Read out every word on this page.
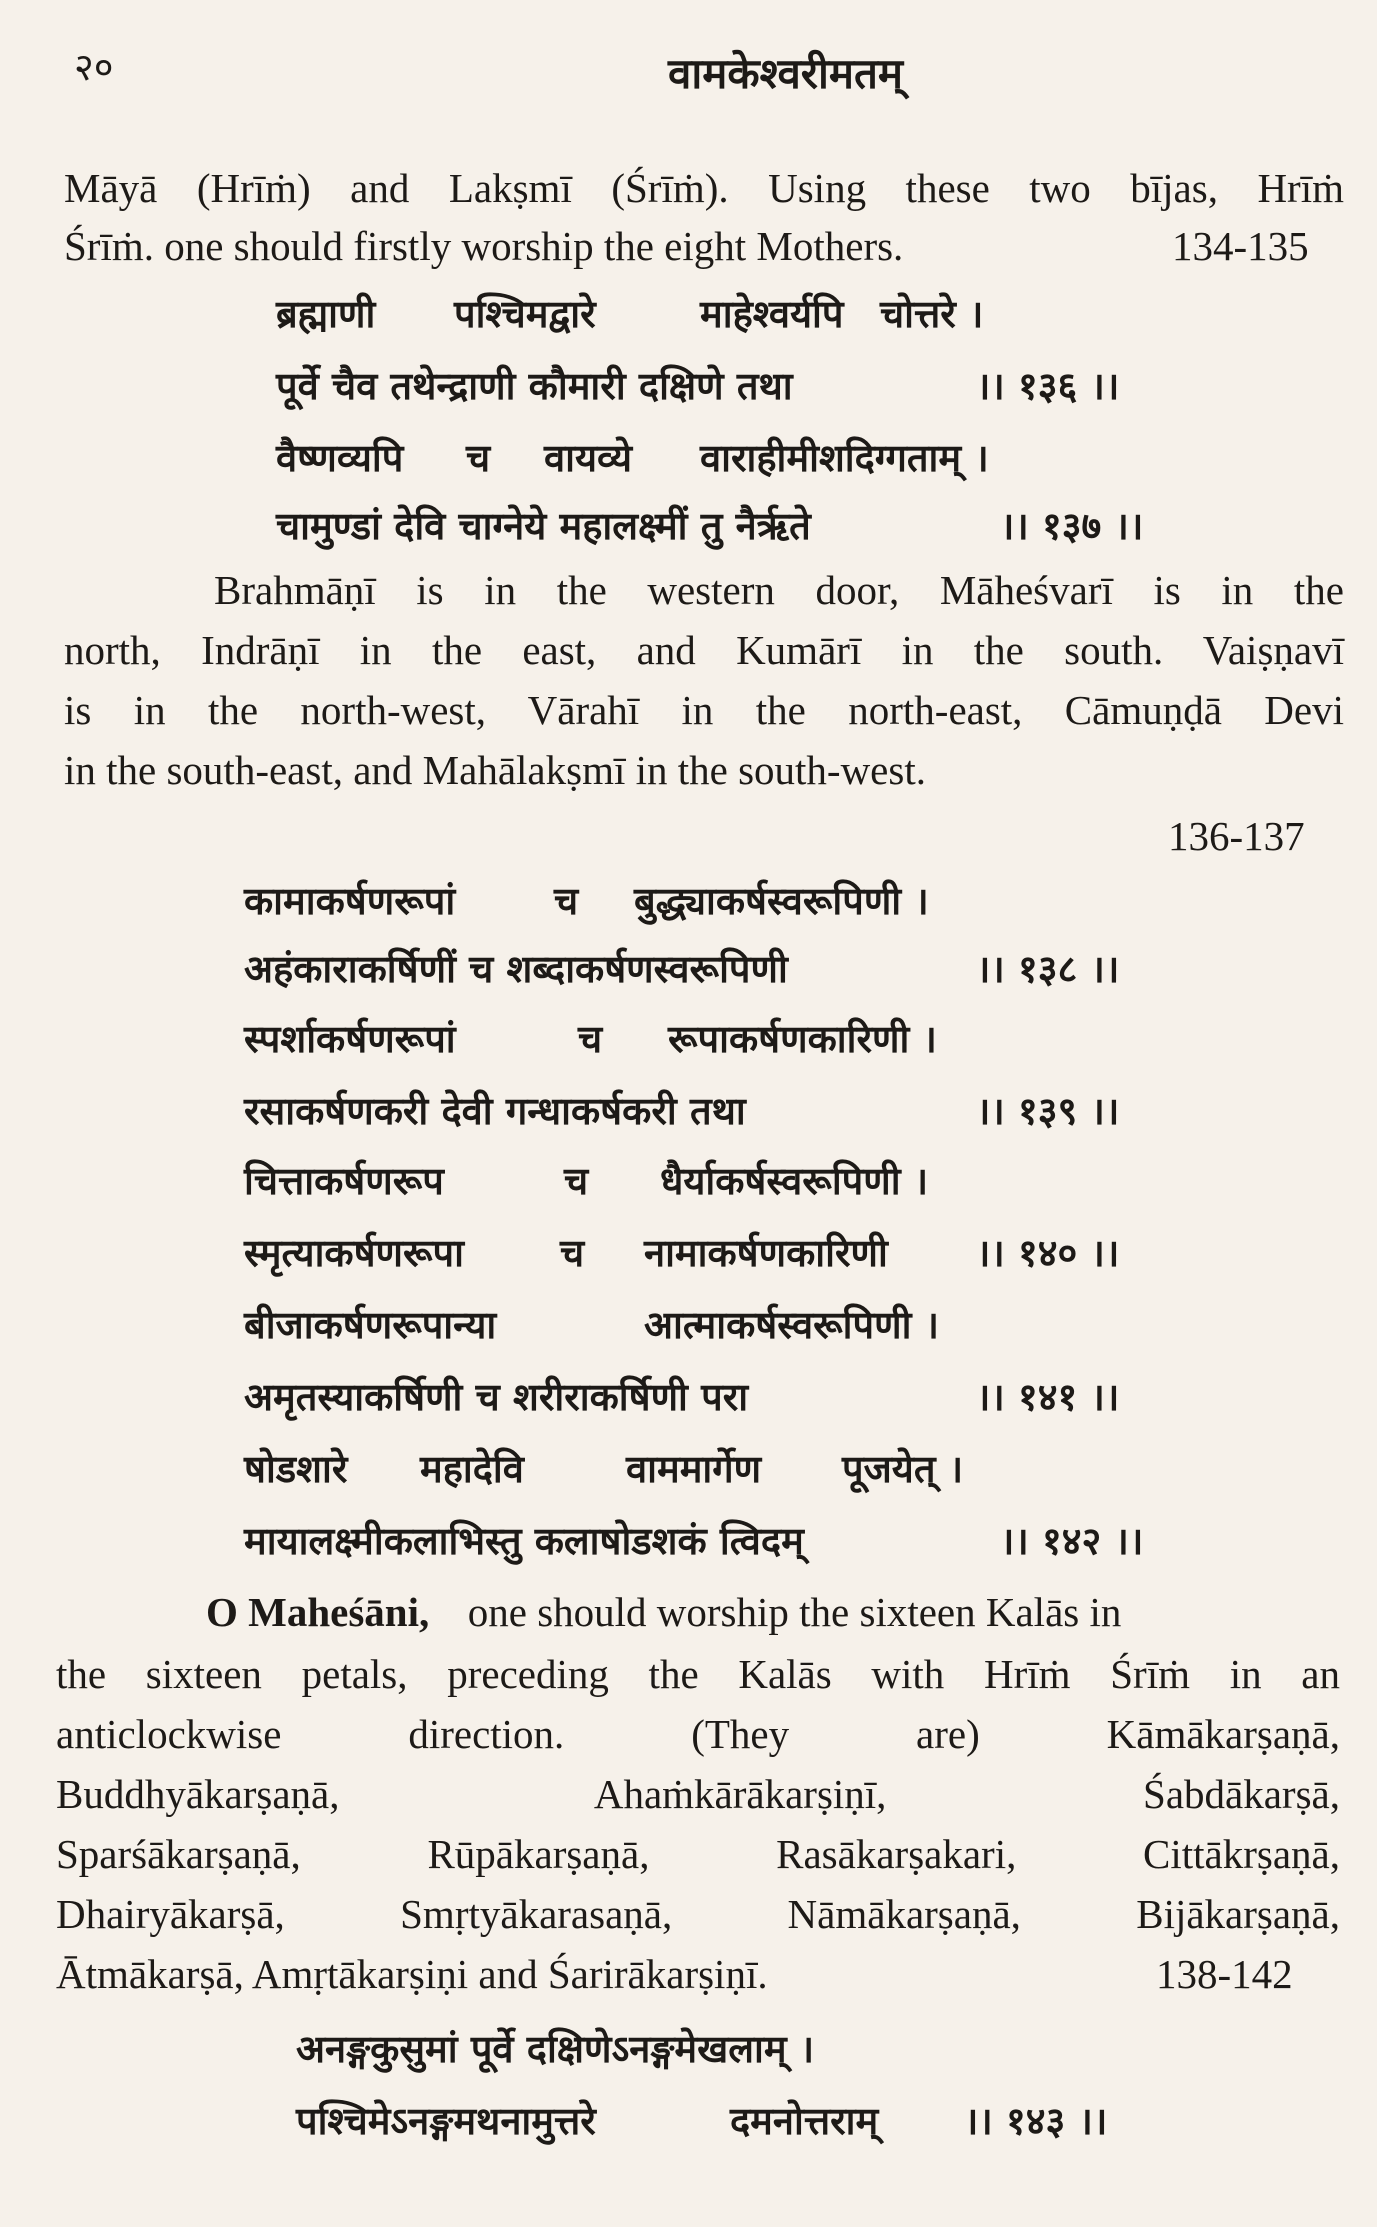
२०	वामकेश्वरीमतम्
Māyā (Hrīṁ) and Lakṣmī (Śrīṁ). Using these two bījas, Hrīṁ
Śrīṁ. one should firstly worship the eight Mothers.	134-135
ब्रह्माणी पश्चिमद्वारे	माहेश्वर्यपि चोत्तरे ।
पूर्वे चैव तथेन्द्राणी कौमारी दक्षिणे तथा	।। १३६ ।।
वैष्णव्यपि च वायव्ये वाराहीमीशदिग्गताम् ।
चामुण्डां देवि चाग्नेये महालक्ष्मीं तु नैर्ऋते	।। १३७ ।।
Brahmāṇī is in the western door, Māheśvarī is in the
north, Indrāṇī in the east, and Kumārī in the south. Vaiṣṇavī
is in the north-west, Vārahī in the north-east, Cāmuṇḍā Devi
in the south-east, and Mahālakṣmī in the south-west.
136-137
कामाकर्षणरूपां	च बुद्ध्याकर्षस्वरूपिणी ।
अहंकाराकर्षिणीं च शब्दाकर्षणस्वरूपिणी	।। १३८ ।।
स्पर्शाकर्षणरूपां	च रूपाकर्षणकारिणी ।
रसाकर्षणकरी देवी गन्धाकर्षकरी तथा	।। १३९ ।।
चित्ताकर्षणरूप	च धैर्याकर्षस्वरूपिणी ।
स्मृत्याकर्षणरूपा	च नामाकर्षणकारिणी ।। १४० ।।
बीजाकर्षणरूपान्या	आत्माकर्षस्वरूपिणी ।
अमृतस्याकर्षिणी च शरीराकर्षिणी परा	।। १४१ ।।
षोडशारे महादेवि	वाममार्गेण पूजयेत् ।
मायालक्ष्मीकलाभिस्तु कलाषोडशकं त्विदम्	।। १४२ ।।
O Maheśāni, one should worship the sixteen Kalās in
the sixteen petals, preceding the Kalās with Hrīṁ Śrīṁ in an
anticlockwise direction. (They are) Kāmākarṣaṇā,
Buddhyākarṣaṇā, Ahaṁkārākarṣiṇī, Śabdākarṣā,
Sparśākarṣaṇā, Rūpākarṣaṇā, Rasākarṣakari, Cittākrṣaṇā,
Dhairyākarṣā, Smṛtyākarasaṇā, Nāmākarṣaṇā, Bijākarṣaṇā,
Ātmākarṣā, Amṛtākarṣiṇi and Śarirākarṣiṇī.	138-142
अनङ्गकुसुमां पूर्वे दक्षिणेऽनङ्गमेखलाम् ।
पश्चिमेऽनङ्गमथनामुत्तरे	दमनोत्तराम् ।। १४३ ।।
